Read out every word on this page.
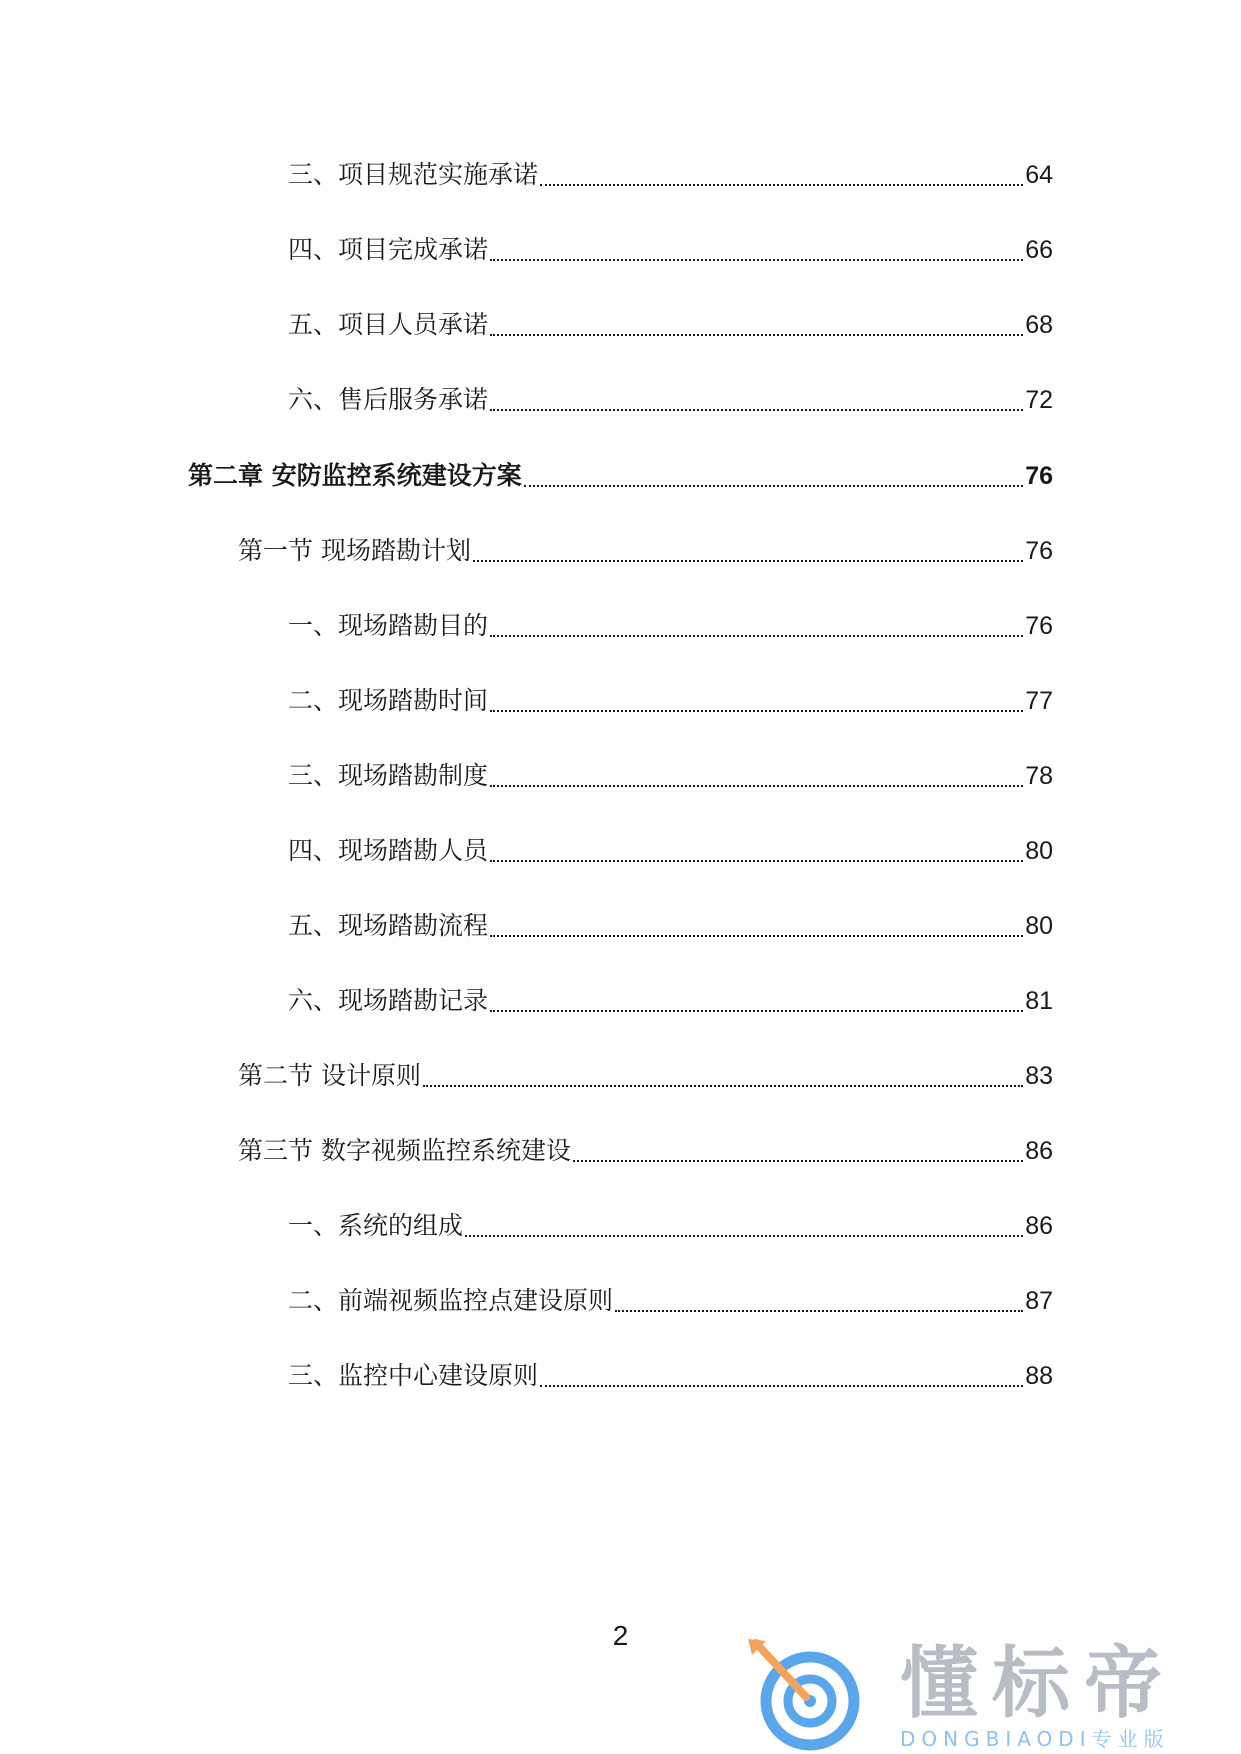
三、项目规范实施承诺	64
四、项目完成承诺	66
五、项目人员承诺	68
六、售后服务承诺	72
第二章 安防监控系统建设方案	76
第一节 现场踏勘计划	76
一、现场踏勘目的	76
二、现场踏勘时间	77
三、现场踏勘制度	78
四、现场踏勘人员	80
五、现场踏勘流程	80
六、现场踏勘记录	81
第二节 设计原则	83
第三节 数字视频监控系统建设	86
一、系统的组成	86
二、前端视频监控点建设原则	87
三、监控中心建设原则	88
2
懂标帝
DONGBIAODI专业版
